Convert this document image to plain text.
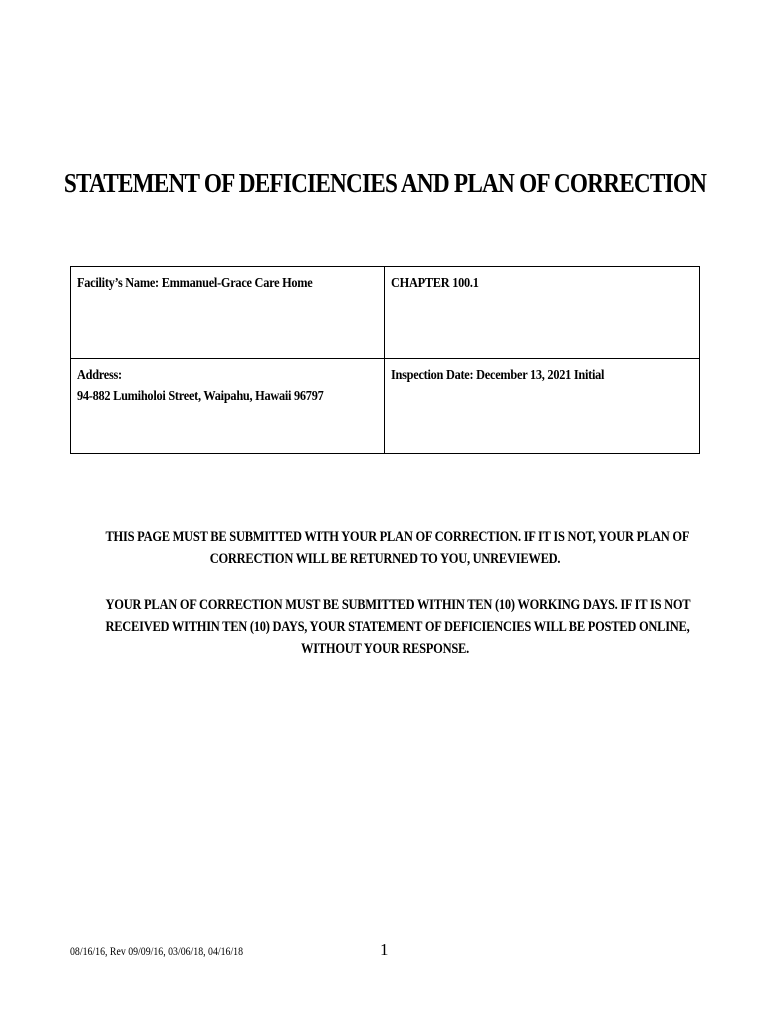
STATEMENT OF DEFICIENCIES AND PLAN OF CORRECTION
Facility’s Name: Emmanuel-Grace Care Home	CHAPTER 100.1
Address:
94-882 Lumiholoi Street, Waipahu, Hawaii 96797
Inspection Date: December 13, 2021 Initial
THIS PAGE MUST BE SUBMITTED WITH YOUR PLAN OF CORRECTION. IF IT IS NOT, YOUR PLAN OF
CORRECTION WILL BE RETURNED TO YOU, UNREVIEWED.
YOUR PLAN OF CORRECTION MUST BE SUBMITTED WITHIN TEN (10) WORKING DAYS. IF IT IS NOT
RECEIVED WITHIN TEN (10) DAYS, YOUR STATEMENT OF DEFICIENCIES WILL BE POSTED ONLINE,
WITHOUT YOUR RESPONSE.
08/16/16, Rev 09/09/16, 03/06/18, 04/16/18	1
